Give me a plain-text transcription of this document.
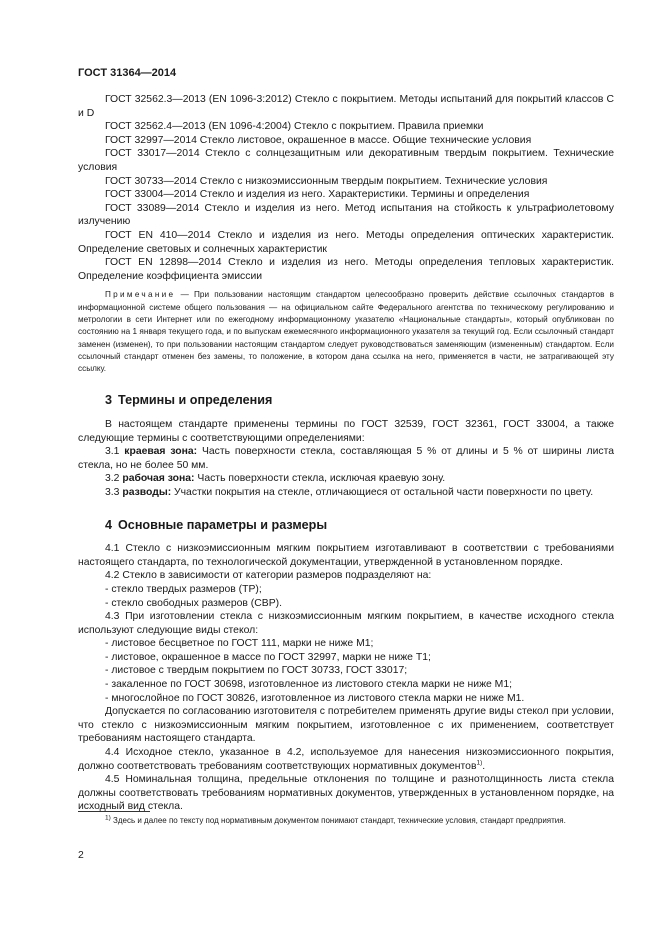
ГОСТ 31364—2014

ГОСТ 32562.3—2013 (EN 1096-3:2012) Стекло с покрытием. Методы испытаний для покрытий классов С и D

ГОСТ 32562.4—2013 (EN 1096-4:2004) Стекло с покрытием. Правила приемки

ГОСТ 32997—2014 Стекло листовое, окрашенное в массе. Общие технические условия

ГОСТ 33017—2014 Стекло с солнцезащитным или декоративным твердым покрытием. Технические условия

ГОСТ 30733—2014 Стекло с низкоэмиссионным твердым покрытием. Технические условия

ГОСТ 33004—2014 Стекло и изделия из него. Характеристики. Термины и определения

ГОСТ 33089—2014 Стекло и изделия из него. Метод испытания на стойкость к ультрафиолетовому излучению

ГОСТ EN 410—2014 Стекло и изделия из него. Методы определения оптических характеристик. Определение световых и солнечных характеристик

ГОСТ EN 12898—2014 Стекло и изделия из него. Методы определения тепловых характеристик. Определение коэффициента эмиссии

Примечание — При пользовании настоящим стандартом целесообразно проверить действие ссылочных стандартов в информационной системе общего пользования — на официальном сайте Федерального агентства по техническому регулированию и метрологии в сети Интернет или по ежегодному информационному указателю «Национальные стандарты», который опубликован по состоянию на 1 января текущего года, и по выпускам ежемесячного информационного указателя за текущий год. Если ссылочный стандарт заменен (изменен), то при пользовании настоящим стандартом следует руководствоваться заменяющим (измененным) стандартом. Если ссылочный стандарт отменен без замены, то положение, в котором дана ссылка на него, применяется в части, не затрагивающей эту ссылку.

3 Термины и определения

В настоящем стандарте применены термины по ГОСТ 32539, ГОСТ 32361, ГОСТ 33004, а также следующие термины с соответствующими определениями:

3.1 краевая зона: Часть поверхности стекла, составляющая 5 % от длины и 5 % от ширины листа стекла, но не более 50 мм.

3.2 рабочая зона: Часть поверхности стекла, исключая краевую зону.

3.3 разводы: Участки покрытия на стекле, отличающиеся от остальной части поверхности по цвету.

4 Основные параметры и размеры

4.1 Стекло с низкоэмиссионным мягким покрытием изготавливают в соответствии с требованиями настоящего стандарта, по технологической документации, утвержденной в установленном порядке.

4.2 Стекло в зависимости от категории размеров подразделяют на:

- стекло твердых размеров (ТР);

- стекло свободных размеров (СВР).

4.3 При изготовлении стекла с низкоэмиссионным мягким покрытием, в качестве исходного стекла используют следующие виды стекол:

- листовое бесцветное по ГОСТ 111, марки не ниже М1;

- листовое, окрашенное в массе по ГОСТ 32997, марки не ниже Т1;

- листовое с твердым покрытием по ГОСТ 30733, ГОСТ 33017;

- закаленное по ГОСТ 30698, изготовленное из листового стекла марки не ниже М1;

- многослойное по ГОСТ 30826, изготовленное из листового стекла марки не ниже М1.

Допускается по согласованию изготовителя с потребителем применять другие виды стекол при условии, что стекло с низкоэмиссионным мягким покрытием, изготовленное с их применением, соответствует требованиям настоящего стандарта.

4.4 Исходное стекло, указанное в 4.2, используемое для нанесения низкоэмиссионного покрытия, должно соответствовать требованиям соответствующих нормативных документов$^{1)}$.

4.5 Номинальная толщина, предельные отклонения по толщине и разнотолщинность листа стекла должны соответствовать требованиям нормативных документов, утвержденных в установленном порядке, на исходный вид стекла.

$^{1)}$ Здесь и далее по тексту под нормативным документом понимают стандарт, технические условия, стандарт предприятия.
2
